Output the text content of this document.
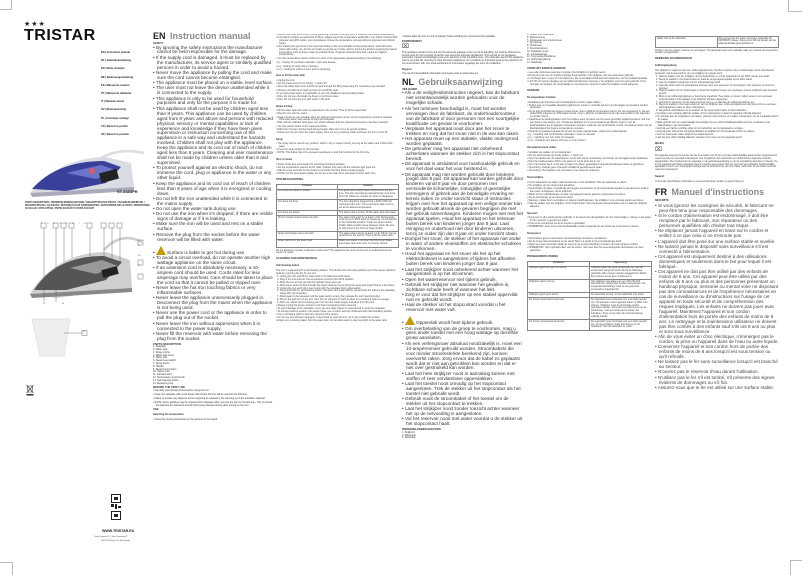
★★★
TRISTAR
EN | Instruction manual
NL | Gebruiksaanwijzing
FR | Mode d'emploi
DE | Bedienungsanleitung
ES | Manual de usuario
PT | Manual de utilizador
IT | Manuale utente
SV | Bruksanvisning
PL | Instrukcja obsługi
CS | Návod na použití
SK | Návod na použitie
ST-8385PR
PARTS DESCRIPTION / ONDERDELENBESCHRIJVING / DESCRIPTION DES PIÈCES / TEILEBESCHREIBUNG / DESCRIPCIÓN DE LAS PIEZAS / DESCRIÇÃO DOS COMPONENTES / DESCRIZIONE DELLE PARTI / BESKRIVNING AV DELAR / OPIS CZĘŚCI / POPIS SOUČÁSTÍ / POPIS SÚČASTÍ
1 2 3 4 5 6 7 8
9
10
11
12	13
14
WWW.TRISTAR.EU
Tristar Europe B.V. | Jules Verneweg 87
5015 BH Tilburg | The Netherlands
EN Instruction manual
SAFETY
• By ignoring the safety instructions the manufacturer cannot be held responsible for the damage.
• If the supply cord is damaged, it must be replaced by the manufacturer, its service agent or similarly qualified persons in order to avoid a hazard.
• Never move the appliance by pulling the cord and make sure the cord cannot become entangled.
• The appliance must be placed on a stable, level surface.
• The user must not leave the device unattended while it is connected to the supply.
• This appliance is only to be used for household purposes and only for the purpose it is made for.
• This appliance shall not be used by children aged less than 8 years. This appliance can be used by children aged from 8 years and above and persons with reduced physical, sensory or mental capabilities or lack of experience and knowledge if they have been given supervision or instruction concerning use of the appliance in a safe way and understand the hazards involved. Children shall not play with the appliance. Keep the appliance and its cord out of reach of children aged less than 8 years. Cleaning and user maintenance shall not be made by children unless older than 8 and supervised.
• To protect yourself against an electric shock, do not immerse the cord, plug or appliance in the water or any other liquid.
• Keep the appliance and its cord out of reach of children less than 8 years of age when it is energized or cooling down.
• Do not left the iron unattended while it is connected to the mains supply.
• Do not open the water tank during use.
• Do not use the iron when it's dropped, if there are visible signs of damage or if it is leaking.
• Make sure the iron will be used and rest on a stable surface.
• Remove the plug from the socket before the water reservoir will be filled with water.
• Surface is liable to get hot during use.
• To avoid a circuit overload, do not operate another high wattage appliance on the same circuit.
• If an extension cord is absolutely necessary, a 10-ampere cord should be used. Cords rated for less amperage may overheat. Care should be taken to place the cord so that it cannot be pulled or tripped over.
• Never leave the hot iron touching fabrics or very inflammable surfaces.
• Never leave the appliance unnecessarily plugged in. Disconnect the plug from the mains when the appliance is not being used.
• Never use the power cord or the appliance in order to pull the plug out of the socket.
• Never leave the iron without supervision when it is connected to the power supply.
• Never fill the reservoir with water before removing the plug from the socket.
PARTS DESCRIPTION
1. Soleplate
2. Water tank
3. Spray nozzle
4. Water tank cover
5. Water hole
6. Steam level switch
7. Spray button
8. Handle
9. Steam burst button
10. Swivel cord
11. Indicator lamp
12. Temperature control knob
13. Self cleaning button
14. Measuring cup
BEFORE THE FIRST USE
• Carefully read all instructions before using the iron.
• Clean the soleplate with a soft damp cloth before the iron will be used for the first time.
• Odour or smoke may disperse at the beginning as caused by the warming up of the insulation material.
• NOTE: Some particles may be released from soleplate when you use the iron for the first time. This is normal, the particles are harmless and will stop being released shortly after turning on the iron.
USE
Selecting the temperature
• Check the ironing instructions on the garment to be ironed.
• Fabrics that have some kind of finish (polishing, wrinkles, contrast) can be ironed at the lowest temperatures.
• If the fabric contains several kinds of fibres, always select the temperature applicable, if an article contains 60% polyester and 40% cotton, you must always choose the temperature corresponding to polyester and without steam.
• First classify the garments to be ironed according to the most suitable ironing temperature: wool with wool, cotton with cotton, etc. As the iron heats up as fast as it cools, start by ironing the articles requiring the lowest temperature such as those made of synthetic fibres. Progress towards those that require the highest temperatures.
• Turn the temperature control until it is in front of the appropriate signal according to the following:
• [•] – Setting for synthetic materials / nylon and acetate.
• [••] – Setting for wool, silk or mixtures.
• [•••] – Setting for cotton or linen and for steaming.
How to fill the water tank
• Unplug the iron.
• Set the steam level to dry ironing -> steam off.
• Open the water tank cover and fill the tank through the filling hole using the measuring cup provided.
• Observe the MAX level mark and do not overfill the tank.
• If you have hard water, it is advisable to use only distilled or demineralised water.
• Note: Do not use chemically de-limed or perfumed water.
• Note: Do not store the iron with water in the tank.
Steam ironing
• Fill the water tank with water as described in the section "How to fill the water tank".
• Plug the iron into the mains.
• Steam ironing is only possible when the highest temperature shown on the temperature control is selected. Otherwise water may escape through the soleplate.
• Wait until the indicator lamp goes out, which indicates that the selected temperature has been reached.
• Turn the steam button to the required position.
• When the ironing is finished and during breaks, place the iron in its upright position.
• Disconnect the iron from the mains supply. Pour out any remaining water and leave the iron to cool off.
Spray
• The spray can be used in any position, either in dry or steam ironing, as long as the water tank is filled with water.
• Press the spray button for this function.
• NOTE: This button has to be pressed repetitively to start this function for the first time.
Shot of steam
• Steam shots give extra steam for removing persistent wrinkles.
• Set the temperature selector at the "Max" position and wait until the indicator light goes out.
• Wait for a few seconds for the steam to penetrate the fibre before pressing again.
• NOTE: For the best steam quality, do not use more than three successive bursts each time.
TROUBLESHOOTING
Problem	Solution
Iron emits an odour or smoke	Iron gives off an odour when turned on for the first time. The oils used during manufacturing need to be burnt off. Allow ten minutes for odour to disappear.
Iron does not heat	The iron should be plugged into a 220V-240V AC electrical outlet only. The temperature dial must be set at the desired temperature.
Iron does not steam	The water tank is empty, fill the water tank with water.
Burst of steam feature does not work	The water tank must be at least ¼ full. Temperature must be set to MAX level for steaming. Iron should be in the horizontal position. Pump the steam button briskly. Allow a short pause between shots. Be sure to fully press in the burst of steam button.
Spray mist feature does not work	The water tank must be at least ¼ full. Fill the iron as described in the section "How to fill the water tank".
Water spills from the water tank	Make sure water is not over the MAX level. Make sure water tank inlet cover is properly closed.
Do not attempt to replace a defective mains lead. The appliance has to be returned to an authorized service center for repair.
CLEANING AND MAINTENANCE
Self cleaning button
The iron is equipped with a self cleaning feature. This flushes dirt and scale particles out of the steam chamber, helping to prolong the life of your iron.
1. Unplug the iron and fill the water tank to the MAX level with water.
2. Plug of the iron and turn the temperature control to the MAX position.
3. Allow the iron to heat up until the indicator lamp goes out.
4. Allow some steam to flow through the steam chamber by pumping the spray and steam button a few times.
5. Unplug the iron and hold it over a sink with the soleplate facing downwards.
6. Press and hold the self cleaning button. Hot water and steam will be ejected from the holes in the soleplate along with any impurities.
7. Allow steam to be released until the water tank is empty, then release the self cleaning button.
8. Plug in the and turn on the iron, then iron an old piece of cloth to allow any remaining water to escape.
9. After use, switch off and unplug your iron from the mains supply and allow it to fully cool.
• Always unplug the device and let it cool down completely before cleaning.
• To avoid damage to the soleplate, never use any sharp object or metal utensil to scrap the soleplate.
• To remove build-up scales in the steam holes, use a cotton wool tip moistened with mild descaling solution.
• Use a soft damp cloth to clean the housing of the device.
• Do not use any abrasive detergent or steel wool to clean the iron, as it may scratch the surface.
• Empty any remaining water from the water tank, do not allow water to stay overnight in the water tank.
• Always allow the iron to cool completely before winding the cord around the soleplate.
ENVIRONMENT
⌧
This appliance should not be put into the domestic garbage at the end of its durability, but must be offered at a central point for the recycling of electric and electronic domestic appliances. This symbol on the appliance, instruction manual and packaging puts your attention to this important issue. The materials used in this appliance can be recycled. By recycling of used domestic appliances you contribute an important push to the protection of our environment. Ask your local authorities for information regarding the point of recollection.
Support
You can find all available information and spare parts at www.tristar.eu!
NL Gebruiksaanwijzing
VEILIGHEID
• Als u de veiligheidsinstructies negeert, kan de fabrikant niet verantwoordelijk worden gehouden voor de mogelijke schade.
• Als het netsnoer beschadigd is, moet het worden vervangen door de fabrikant, de onderhoudsmonteur van de fabrikant of door personen met een soortgelijke kwalificatie om gevaar te voorkomen.
• Verplaats het apparaat nooit door aan het snoer te trekken en zorg dat het snoer niet in de war kan raken.
• Het apparaat moet op een stabiele, vlakke ondergrond worden geplaatst.
• De gebruiker mag het apparaat niet onbeheerd achterlaten wanneer de stekker zich in het stopcontact bevindt.
• Dit apparaat is uitsluitend voor huishoudelijk gebruik en voor het doel waar het voor bestemd is.
• Dit apparaat mag niet worden gebruikt door kinderen jonger dan 8 jaar. Dit apparaat kan worden gebruikt door kinderen vanaf 8 jaar en door personen met verminderde lichamelijke, zintuiglijke of geestelijke vermogens of gebrek aan de benodigde ervaring en kennis indien ze onder toezicht staan of instructies krijgen over hoe het apparaat op een veilige manier kan worden gebruikt alsook de gevaren begrijpen die met het gebruik samenhangen. Kinderen mogen niet met het apparaat spelen. Houd het apparaat en het netsnoer buiten bereik van kinderen jonger dan 8 jaar. Laat reiniging en onderhoud niet door kinderen uitvoeren, tenzij ze ouder zijn dan 8 jaar en onder toezicht staan.
• Dompel het snoer, de stekker of het apparaat niet onder in water of andere vloeistoffen om elektrische schokken te voorkomen.
• Houd het apparaat en het snoer als het op het elektriciteitsnet is aangesloten of tijdens het afkoelen buiten bereik van kinderen jonger dan 8 jaar.
• Laat het strijkijzer nooit onbeheerd achter wanneer het aangesloten is op het stroomnet.
• Open het waterreservoir niet tijdens gebruik.
• Gebruik het strijkijzer niet wanneer het gevallen is, zichtbare schade heeft of wanneer het lekt.
• Zorg er voor dat het strijkijzer op een stabiel oppervlak rust en gebruikt wordt.
• Haal de stekker uit het stopcontact voordat u het reservoir met water vult.
• Oppervlak wordt heet tijdens gebruik.
• Om overbelasting van de groep te voorkomen, mag u geen ander toestel met een hoog wattage op dezelfde groep aansluiten.
• Als een verlengsnoer absoluut noodzakelijk is, moet een 10-ampèresnoer gebruikt worden. Stroomkabels die voor minder stroomsterkte berekend zijn, kunnen oververhit raken. Zorg ervoor dat de kabel zo geplaatst wordt dat er niet aan getrokken kan worden en dat er niet over gestruikeld kan worden.
• Laat het hete strijkijzer nooit in aanraking komen met stoffen of zeer ontvlambare oppervlakken.
• Laat het toestel nooit onnodig op het stopcontact aangesloten. Trek de stekker uit het stopcontact als het toestel niet gebruikt wordt.
• Gebruik nooit de stroomkabel of het toestel om de stekker uit het stopcontact te trekken.
• Laat het strijkijzer nooit zonder toezicht achter wanneer het op de netvoeding is aangesloten.
• Vul het reservoir nooit met water voordat u de stekker uit het stopcontact haalt.
ONDERDELENBESCHRIJVING
1. Strijkzool
2. Watertank
3. Sproeikop
4. Deksel voor watertank
5. Wateropening
6. Schakelaar voor stoomniveau
7. Sproeiknop
8. Handgreep
9. Stoomstootknop
10. Draaibaar snoer
11. Indicatielampje
12. Temperatuurinstelknop
13. Zelfreinigingsknop
14. Maatbeker
VOOR HET EERSTE GEBRUIK
• Lees alle instructies goed door voordat u het strijkijzer in gebruik neemt.
• Reinig de zool met een zachte vochtige doek voordat u het strijkijzer voor de eerste keer gebruikt.
• In het begin kan er geur of rook vrijkomen, die veroorzaakt wordt door het opwarmen van het isolatiemateriaal.
• LET OP: Er kunnen deeltjes van de strijkzool loskomen wanneer u het strijkijzer voor het eerst gebruikt. Dit is normaal, de deeltjes zijn onschadelijk en het loskomen stopt kort nadat het strijkijzer wordt aangezet.
GEBRUIK
De temperatuur instellen
• Raadpleeg de instructies op het kledingstuk voordat u gaat strijken.
• Stoffen met een bepaalde afwerking (glimmend, vouwen, contrast) kunnen met de laagste temperatuur worden gestreken.
• Als de stof verschillende soorten vezels bevat, moet u altijd de temperatuur kiezen die van toepassing is; als een artikel 60% polyester en 40% katoen bevat, moet u altijd de temperatuur kiezen die overeenkomt met polyester en zonder stoom.
• Classificeer de kledingstukken voor het strijken eerst op basis van de meest geschikte strijktemperatuur: wol met wol, katoen met katoen, enz. Omdat het strijkijzer net zo snel opwarmt als afkoelt, begint u met de kledingstukken die de laagste temperatuur vereisen, zoals die van synthetische vezels. Ga daarna verder met de kledingstukken die hogere temperaturen vereisen.
• Draai de temperatuurregelaar tot hij voor het juiste signaal staat, volgens het onderstaande:
• [•] – Instelling voor synthetische materialen / nylon en acetaat.
• [••] – Instelling voor wol, zijde of mengsels.
• [•••] – Instelling voor katoen of linnen en voor stomen.
Het waterreservoir vullen
• Verwijder de stekker uit het stopcontact.
• Zet het stoomniveau op droog strijken -> stoom uit.
• Open het deksel van de watertank en vul de tank via de vulopening met behulp van de bijgeleverde maatbeker.
• Houd het markeerteken MAX in de gaten en vul de tank niet te vol.
• Als u hard water heeft, is het aan te raden om alleen gedestilleerd of gedemineraliseerd water te gebruiken.
• Opmerking: Gebruik geen chemisch ontkalkt of geparfumeerd water.
• Opmerking: Het strijkijzer niet met water in het reservoir opbergen.
Stoomstrijken
• Vul de watertank met water zoals beschreven in het hoofdstuk "Hoe de watertank te vullen".
• Het strijkijzer op het stopcontact aansluiten.
• Stoomstrijken is alleen mogelijk als de hoogste temperatuur op de temperatuurregelaar is geselecteerd. Anders kan water ontsnappen via de strijkzool.
• Wacht tot het indicatielampje uit gaat, wat aangeeft dat de gekozen temperatuur bereikt is.
• Zet de stoomknop op de gewenste stand.
• Wanneer u klaar bent met strijken en tijdens onderbrekingen, het strijkijzer in de verticale stand neerzetten.
• Haal de stekker van het strijkijzer uit het stopcontact. Giet eventueel resterend water eruit en laat het strijkijzer afkoelen.
Sproeien
• Spray kan in elke stand worden gebruikt, in de stand voor droogstrijken of voor stoomstrijken, zolang er wel water in het reservoir is gevuld met water.
• Druk op de sproeiknop om deze functie te gebruiken.
• OPMERKING: Deze knop moet herhaaldelijk worden ingedrukt om de functie de eerste keer te starten.
Stoomstoot
• Stoomstoten geven extra stoom om hardnekkige kreukels te verwijderen.
• Zet de temperatuurinstelknop op de stand "Max" en wacht tot het controlelampje dooft.
• Wacht een paar seconden totdat de stoom in de vezels doordringt voordat u de knop opnieuw indrukt.
• OPMERKING: Voor optimaal effect van de stoom, niet meer dan drie opeenvolgende stoomstoten per keer gebruiken.
PROBLEEMOPLOSSING
Probleem	Oplossing
Strijkijzer geeft een geur of rook af	Strijkijzer geeft een geur af wanneer het voor de eerste keer aangezet wordt. De bij de fabricage gebruikte oliën moeten worden weggebrand. Wacht tien minuten tot de geur verdwenen is.
Strijkijzer warmt niet op	Het strijkijzer mag alleen op een 220-240 Volt wisselstroom stopcontact worden aangesloten. De temperatuurinstelknop moet op de gewenste temperatuur ingesteld zijn.
Strijkijzer geeft geen stoom	De watertank is leeg, vul de watertank met water.
De functie Stoomstoot werkt niet	De watertank moet minimaal voor een kwart gevuld zijn. Temperatuur moet ingesteld staan op MAX voor stomen. Strijkijzer moet in horizontale positie gehouden worden. Druk kort meerdere keren op de stoomknop. Laat een korte pauze tussen het indrukken. Zorg ervoor dat u de stoomstootknop volledig indrukt.
De functie sproeinevel werkt niet	De watertank moet minimaal voor een kwart gevuld zijn. Vul het strijkijzer zoals beschreven in het hoofdstuk "Hoe de watertank te vullen".
Water lekt uit de watertank	Zorg ervoor dat het water niet hoger staat dan het MAXIMUM niveau. Zorg ervoor dat het deksel van de watertankinlaat goed gesloten is.
Probeer niet een defect netsnoer te vervangen. Het apparaat moet voor reparatie naar een erkend servicecentrum worden teruggebracht.
REINIGING EN ONDERHOUD
Zelfreinigingsknop
Het strijkijzer is uitgerust met een zelfreinigingsfunctie. Hierdoor worden vuil en kalkdeeltjes uit de stoomkamer gespoeld, wat de levensduur van uw strijkijzer ten goede komt.
1. Haal de stekker van het strijkijzer uit het stopcontact en vul de watertank tot het MAX-niveau met water.
2. Steek de stekker in het stopcontact en draai de temperatuurregelaar op de MAX-stand.
3. Laat het strijkijzer opwarmen tot het indicatielampje dooft.
4. Laat wat stoom door de stoomkamer stromen door een paar keer op de knoppen voor sproeien en stoom te pompen.
5. Haal de stekker uit het stopcontact en houd het strijkijzer boven een gootsteen met de strijkzool naar beneden gericht.
6. Druk op de zelfreinigingsknop en houd deze ingedrukt. Heet water en stoom zullen samen met eventuele onzuiverheden uit de gaatjes in de strijkzool worden uitgestoten.
7. Laat stoom vrijkomen tot het waterreservoir leeg is, en laat dan de zelfreinigingsknop los.
8. Steek de stekker in het stopcontact en zet het strijkijzer aan, strijk vervolgens een oud stuk stof om eventueel achtergebleven water te laten ontsnappen.
9. Na gebruik uitschakelen en de stekker uit het stopcontact halen en laten afkoelen.
• Verwijder voor reiniging altijd de stekker uit het stopcontact en laat het apparaat volledig afkoelen.
• Om schade aan de voetplaat te vermijden, gebruik nooit scherpe of metalen voorwerpen om de voetplaat schoon te maken.
• Maak gebruik van een wattenstaafje bevochtigd met een mild ontkalkingsmiddel voor het verwijderen van kalkaanslag in de stoomgaten.
• Gebruik een zachte vochtige doek om de behuizing van het apparaat te reinigen.
• Gebruik geen schurende reinigingsmiddelen of staalwol om het apparaat schoon te maken.
• Giet het resterende water altijd uit het waterreservoir.
• Laat het ijzer altijd volledig afkoelen voordat u het snoer om het apparaat windt.
MILIEU
⌧
Dit apparaat mag aan het einde van de levensduur niet bij het normale huishoudelijke afval worden gedeponeerd, maar moet bij een speciaal inzamelpunt voor hergebruik van elektrische en elektronische apparaten worden aangeboden. Het symbool op het apparaat, in de gebruiksaanwijzing en op de verpakking attendeert u hierop. De in het apparaat gebruikte materialen kunnen worden gerecycled. Met het recyclen van gebruikte huishoudelijke apparaten levert u een belangrijke bijdrage aan de bescherming van ons milieu. Informeer bij uw lokale overheid naar het inzamelpunt.
Support
U kunt alle beschikbare informatie en reserveonderdelen vinden op www.tristar.eu!
FR Manuel d'instructions
SÉCURITÉ
• Si vous ignorez les consignes de sécurité, le fabricant ne peut être tenu pour responsable des dommages.
• Si le cordon d'alimentation est endommagé, il doit être remplacé par le fabricant, son réparateur ou des personnes qualifiées afin d'éviter tout risque.
• Ne déplacez jamais l'appareil en tirant sur le cordon et veillez à ce que celui-ci ne s'enroule pas.
• L'appareil doit être posé sur une surface stable et nivelée.
• Ne laissez jamais le dispositif sans surveillance s'il est connecté à l'alimentation.
• Cet appareil est uniquement destiné à des utilisations domestiques et seulement dans le but pour lequel il est fabriqué.
• Cet appareil ne doit pas être utilisé par des enfants de moins de 8 ans. Cet appareil peut être utilisé par des enfants de 8 ans ou plus et des personnes présentant un handicap physique, sensoriel ou mental voire ne disposant pas des connaissances et de l'expérience nécessaires en cas de surveillance ou d'instructions sur l'usage de cet appareil en toute sécurité et de compréhension des risques impliqués. Les enfants ne doivent pas jouer avec l'appareil. Maintenez l'appareil et son cordon d'alimentation hors de portée des enfants de moins de 8 ans. Le nettoyage et la maintenance utilisateur ne doivent pas être confiés à des enfants sauf s'ils ont 8 ans ou plus et sont sous surveillance.
• Afin de vous éviter un choc électrique, n'immergez pas le cordon, la prise ou l'appareil dans de l'eau ou autre liquide.
• Conservez l'appareil et son cordon hors de portée des enfants de moins de 8 ans lorsqu'il est sous tension ou qu'il refroidit.
• Ne laissez pas le fer sans surveillance lorsqu'il est branché au secteur.
• N'ouvrez pas le réservoir d'eau durant l'utilisation.
• N'utilisez pas le fer s'il est tombé, s'il présente des signes évidents de dommages ou s'il fuit.
• Assurez-vous que le fer est utilisé sur une surface stable.
